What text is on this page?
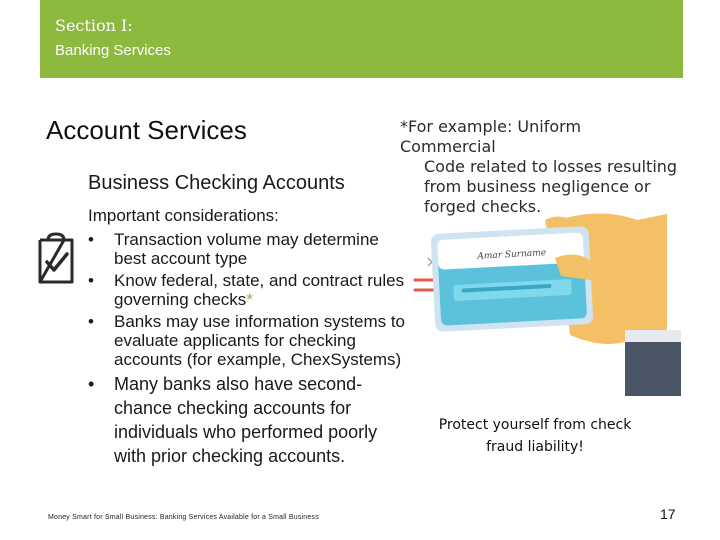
Section I:
Banking Services
Account Services
Business Checking Accounts
Important considerations:
• Transaction volume may determine best account type
• Know federal, state, and contract rules governing checks*
• Banks may use information systems to evaluate applicants for checking accounts (for example, ChexSystems)
• Many banks also have second-chance checking accounts for individuals who performed poorly with prior checking accounts.
*For example: Uniform
Commercial
Code related to losses resulting
from business negligence or
forged checks.
Amar Surname
Protect yourself from check
fraud liability!
Money Smart for Small Business: Banking Services Available for a Small Business	17
